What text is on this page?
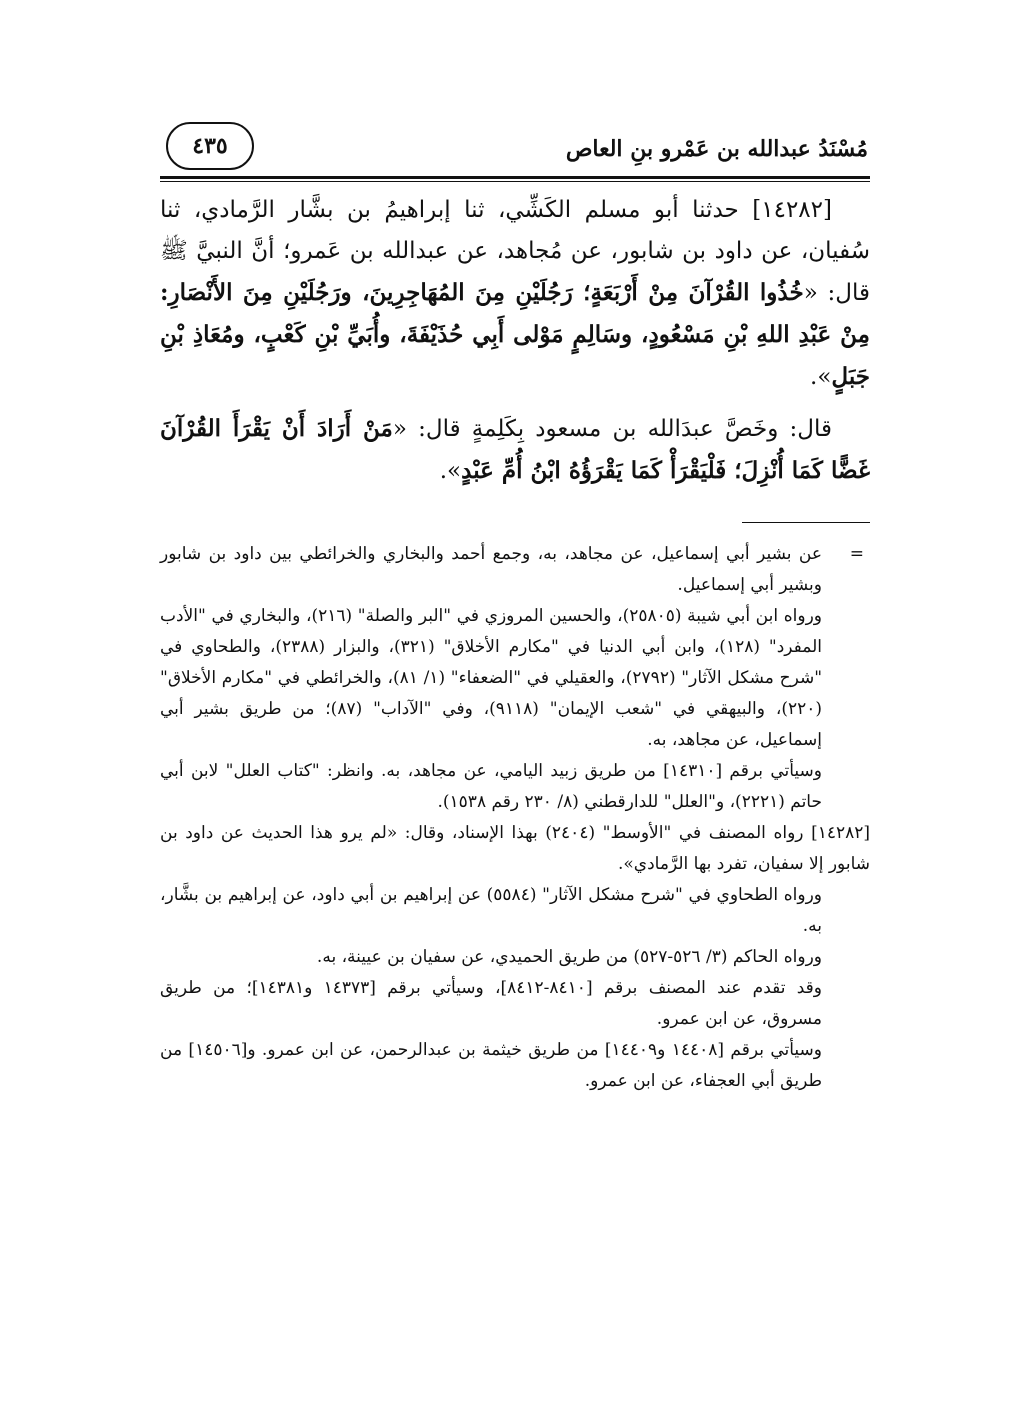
مُسْنَدُ عبدالله بن عَمْرو بنِ العاص
٤٣٥

[١٤٢٨٢] حدثنا أبو مسلم الكَشِّي، ثنا إبراهيمُ بن بشَّار الرَّمادي، ثنا سُفيان، عن داود بن شابور، عن مُجاهد، عن عبدالله بن عَمرو؛ أنَّ النبيَّ ﷺ قال: «خُذُوا القُرْآنَ مِنْ أَرْبَعَةٍ؛ رَجُلَيْنِ مِنَ المُهَاجِرِينَ، ورَجُلَيْنِ مِنَ الأَنْصَارِ: مِنْ عَبْدِ اللهِ بْنِ مَسْعُودٍ، وسَالِمٍ مَوْلى أَبِي حُذَيْفَةَ، وأُبَيِّ بْنِ كَعْبٍ، ومُعَاذِ بْنِ جَبَلٍ».

قال: وخَصَّ عبدَالله بن مسعود بِكَلِمةٍ قال: «مَنْ أَرَادَ أَنْ يَقْرَأَ القُرْآنَ غَضًّا كَمَا أُنْزِلَ؛ فَلْيَقْرَأْ كَمَا يَقْرَؤُهُ ابْنُ أُمِّ عَبْدٍ».

=

عن بشير أبي إسماعيل، عن مجاهد، به، وجمع أحمد والبخاري والخرائطي بين داود بن شابور وبشير أبي إسماعيل.

ورواه ابن أبي شيبة (٢٥٨٠٥)، والحسين المروزي في "البر والصلة" (٢١٦)، والبخاري في "الأدب المفرد" (١٢٨)، وابن أبي الدنيا في "مكارم الأخلاق" (٣٢١)، والبزار (٢٣٨٨)، والطحاوي في "شرح مشكل الآثار" (٢٧٩٢)، والعقيلي في "الضعفاء" (١/ ٨١)، والخرائطي في "مكارم الأخلاق" (٢٢٠)، والبيهقي في "شعب الإيمان" (٩١١٨)، وفي "الآداب" (٨٧)؛ من طريق بشير أبي إسماعيل، عن مجاهد، به.

وسيأتي برقم [١٤٣١٠] من طريق زبيد اليامي، عن مجاهد، به. وانظر: "كتاب العلل" لابن أبي حاتم (٢٢٢١)، و"العلل" للدارقطني (٨/ ٢٣٠ رقم ١٥٣٨).

[١٤٢٨٢] رواه المصنف في "الأوسط" (٢٤٠٤) بهذا الإسناد، وقال: «لم يرو هذا الحديث عن داود بن شابور إلا سفيان، تفرد بها الرَّمادي».

ورواه الطحاوي في "شرح مشكل الآثار" (٥٥٨٤) عن إبراهيم بن أبي داود، عن إبراهيم بن بشَّار، به.

ورواه الحاكم (٣/ ٥٢٦-٥٢٧) من طريق الحميدي، عن سفيان بن عيينة، به.

وقد تقدم عند المصنف برقم [٨٤١٠-٨٤١٢]، وسيأتي برقم [١٤٣٧٣ و١٤٣٨١]؛ من طريق مسروق، عن ابن عمرو.

وسيأتي برقم [١٤٤٠٨ و١٤٤٠٩] من طريق خيثمة بن عبدالرحمن، عن ابن عمرو. و[١٤٥٠٦] من طريق أبي العجفاء، عن ابن عمرو.
